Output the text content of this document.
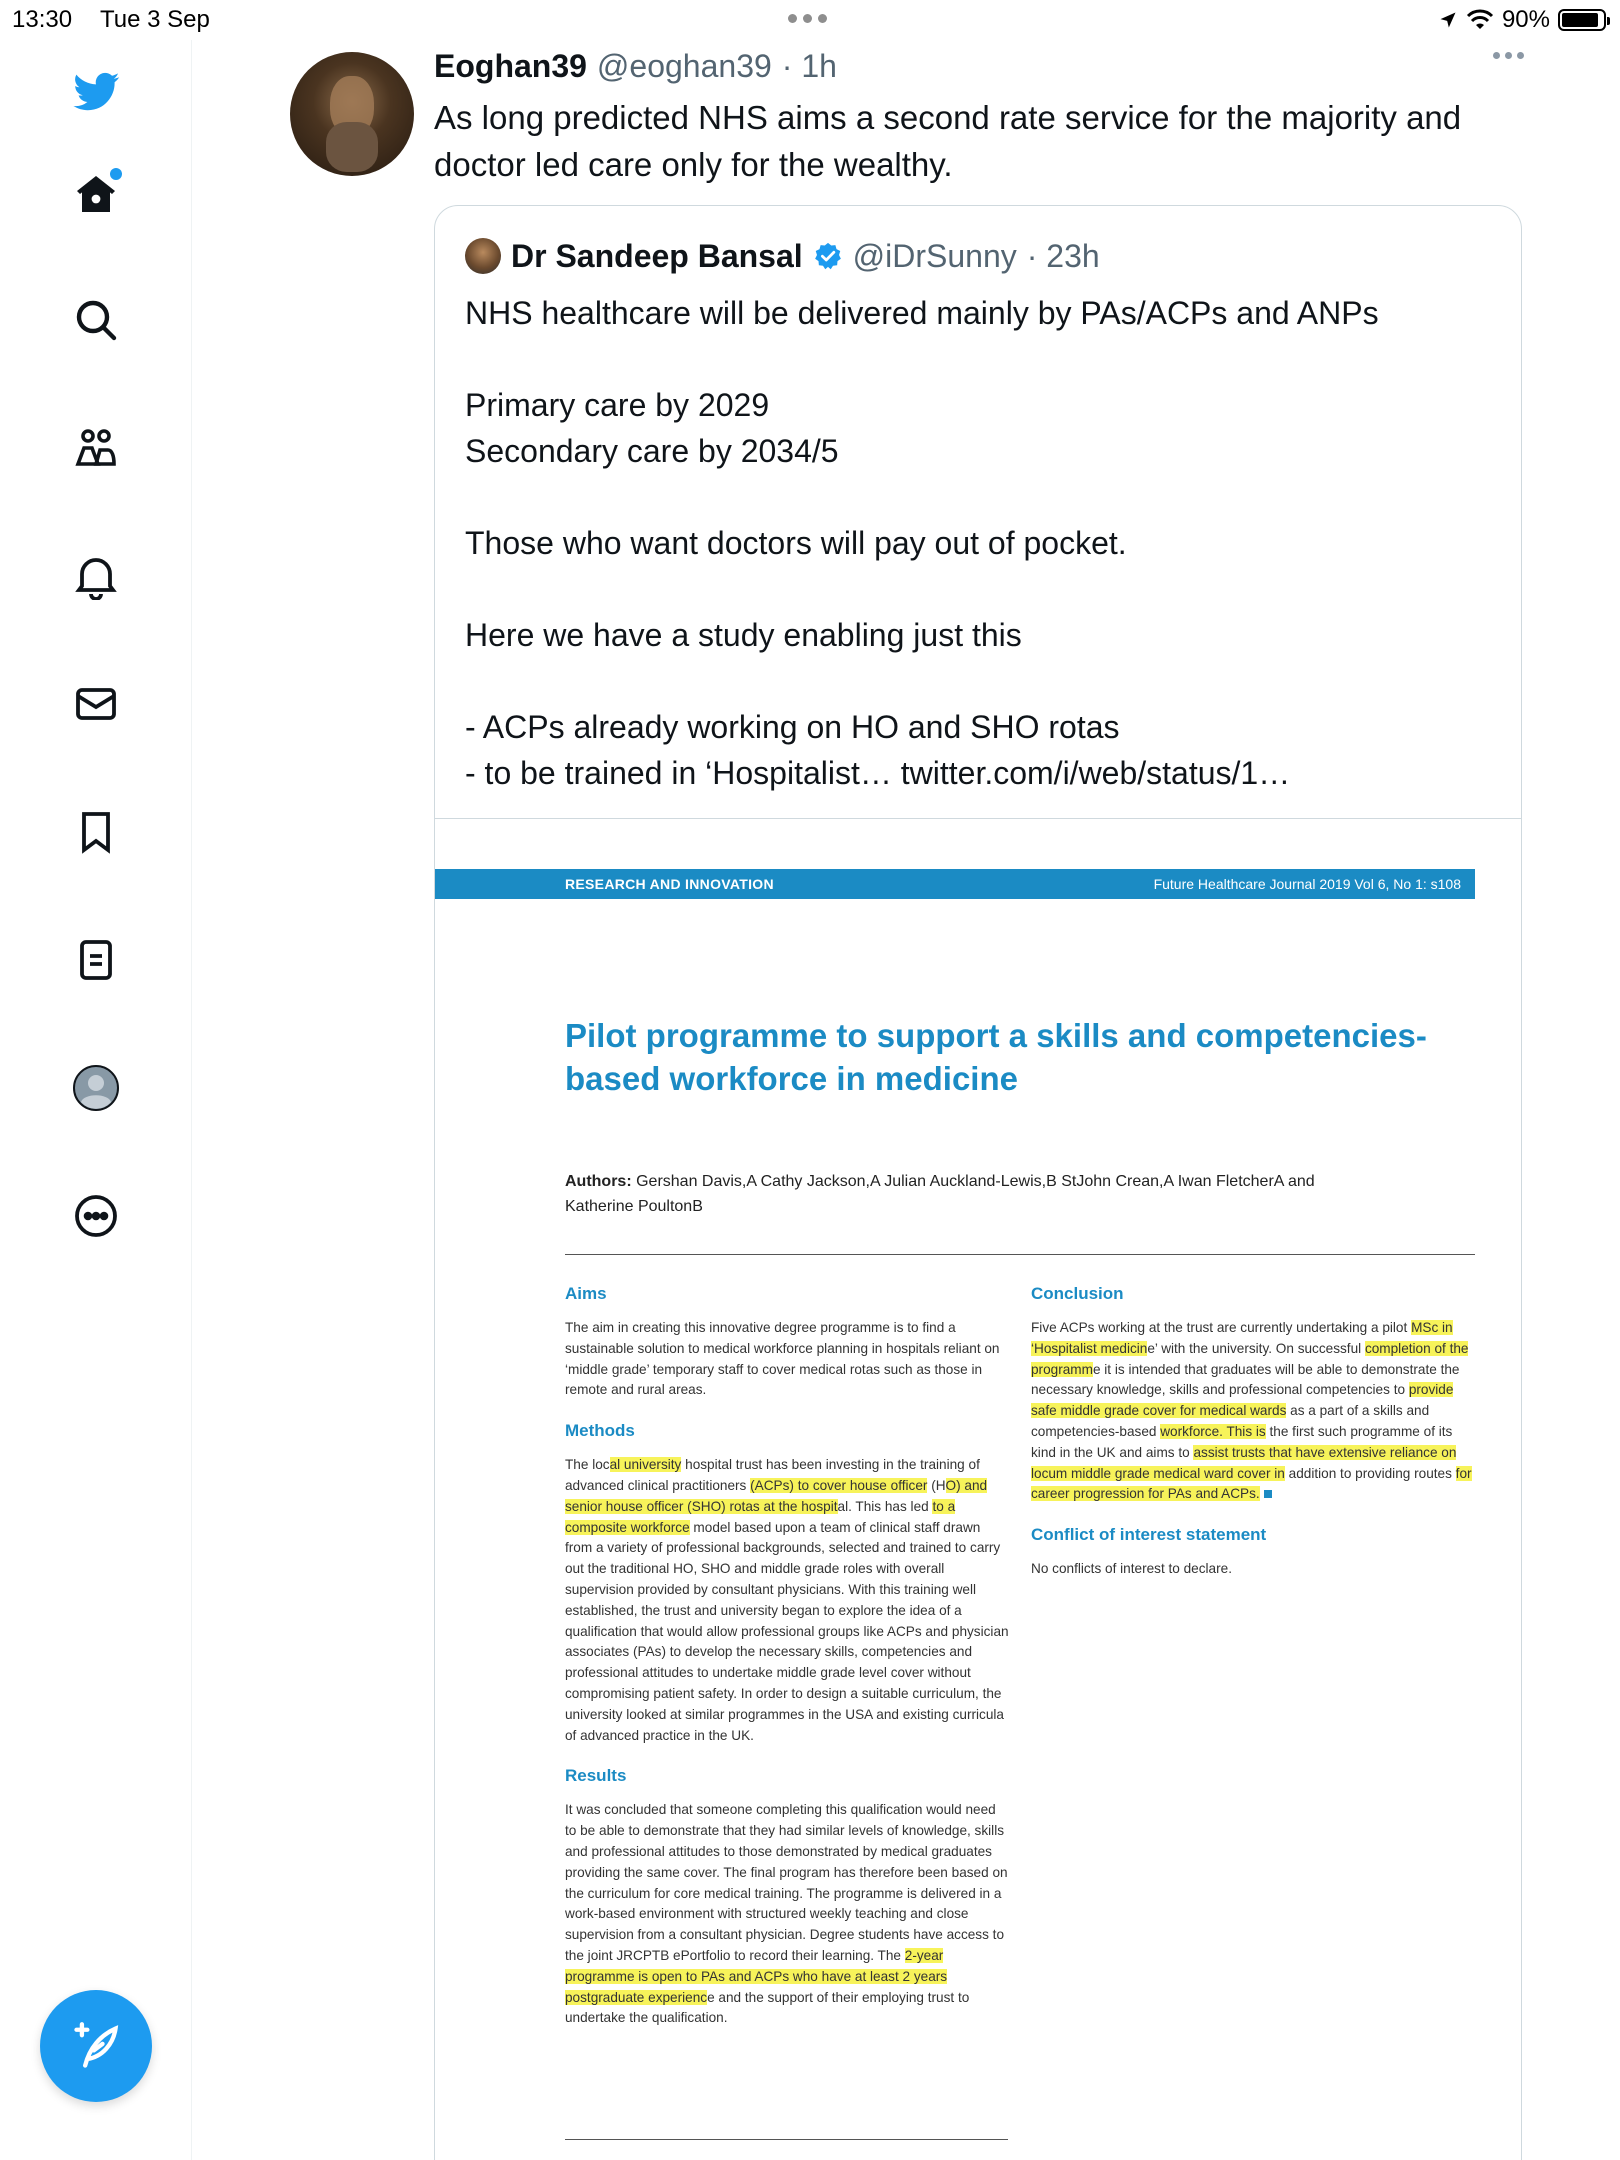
13:30 Tue 3 Sep	90%
Eoghan39 @eoghan39 · 1h
As long predicted NHS aims a second rate service for the majority and doctor led care only for the wealthy.
Dr Sandeep Bansal @iDrSunny · 23h
NHS healthcare will be delivered mainly by PAs/ACPs and ANPs

Primary care by 2029
Secondary care by 2034/5

Those who want doctors will pay out of pocket.

Here we have a study enabling just this

- ACPs already working on HO and SHO rotas
- to be trained in ‘Hospitalist… twitter.com/i/web/status/1…
RESEARCH AND INNOVATION	Future Healthcare Journal 2019 Vol 6, No 1: s108
Pilot programme to support a skills and competencies-based workforce in medicine
Authors: Gershan Davis,A Cathy Jackson,A Julian Auckland-Lewis,B StJohn Crean,A Iwan FletcherA and Katherine PoultonB
Aims
The aim in creating this innovative degree programme is to find a sustainable solution to medical workforce planning in hospitals reliant on ‘middle grade’ temporary staff to cover medical rotas such as those in remote and rural areas.
Methods
The local university hospital trust has been investing in the training of advanced clinical practitioners (ACPs) to cover house officer (HO) and senior house officer (SHO) rotas at the hospital. This has led to a composite workforce model based upon a team of clinical staff drawn from a variety of professional backgrounds, selected and trained to carry out the traditional HO, SHO and middle grade roles with overall supervision provided by consultant physicians. With this training well established, the trust and university began to explore the idea of a qualification that would allow professional groups like ACPs and physician associates (PAs) to develop the necessary skills, competencies and professional attitudes to undertake middle grade level cover without compromising patient safety. In order to design a suitable curriculum, the university looked at similar programmes in the USA and existing curricula of advanced practice in the UK.
Results
It was concluded that someone completing this qualification would need to be able to demonstrate that they had similar levels of knowledge, skills and professional attitudes to those demonstrated by medical graduates providing the same cover. The final program has therefore been based on the curriculum for core medical training. The programme is delivered in a work-based environment with structured weekly teaching and close supervision from a consultant physician. Degree students have access to the joint JRCPTB ePortfolio to record their learning. The 2-year programme is open to PAs and ACPs who have at least 2 years postgraduate experience and the support of their employing trust to undertake the qualification.
Conclusion
Five ACPs working at the trust are currently undertaking a pilot MSc in ‘Hospitalist medicine’ with the university. On successful completion of the programme it is intended that graduates will be able to demonstrate the necessary knowledge, skills and professional competencies to provide safe middle grade cover for medical wards as a part of a skills and competencies-based workforce. This is the first such programme of its kind in the UK and aims to assist trusts that have extensive reliance on locum middle grade medical ward cover in addition to providing routes for career progression for PAs and ACPs.
Conflict of interest statement
No conflicts of interest to declare.
